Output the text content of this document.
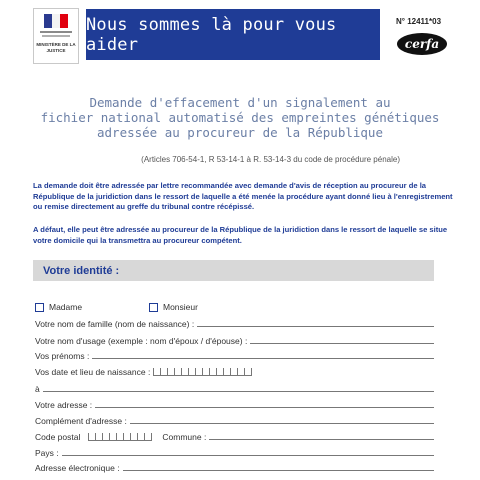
MINISTÈRE DE LA JUSTICE
Nous sommes là pour vous aider
N° 12411*03
cerfa
Demande d'effacement d'un signalement au
fichier national automatisé des empreintes génétiques
adressée au procureur de la République
(Articles 706-54-1, R 53-14-1 à R. 53-14-3 du code de procédure pénale)
La demande doit être adressée par lettre recommandée avec demande d'avis de réception au procureur de la République de la juridiction dans le ressort de laquelle a été menée la procédure ayant donné lieu à l'enregistrement ou remise directement au greffe du tribunal contre récépissé.
A défaut, elle peut être adressée au procureur de la République de la juridiction dans le ressort de laquelle se situe votre domicile qui la transmettra au procureur compétent.
Votre identité :
Madame	Monsieur
Votre nom de famille (nom de naissance) :
Votre nom d'usage (exemple : nom d'époux / d'épouse) :
Vos prénoms :
Vos date et lieu de naissance :
à
Votre adresse :
Complément d'adresse :
Code postal	Commune :
Pays :
Adresse électronique :
